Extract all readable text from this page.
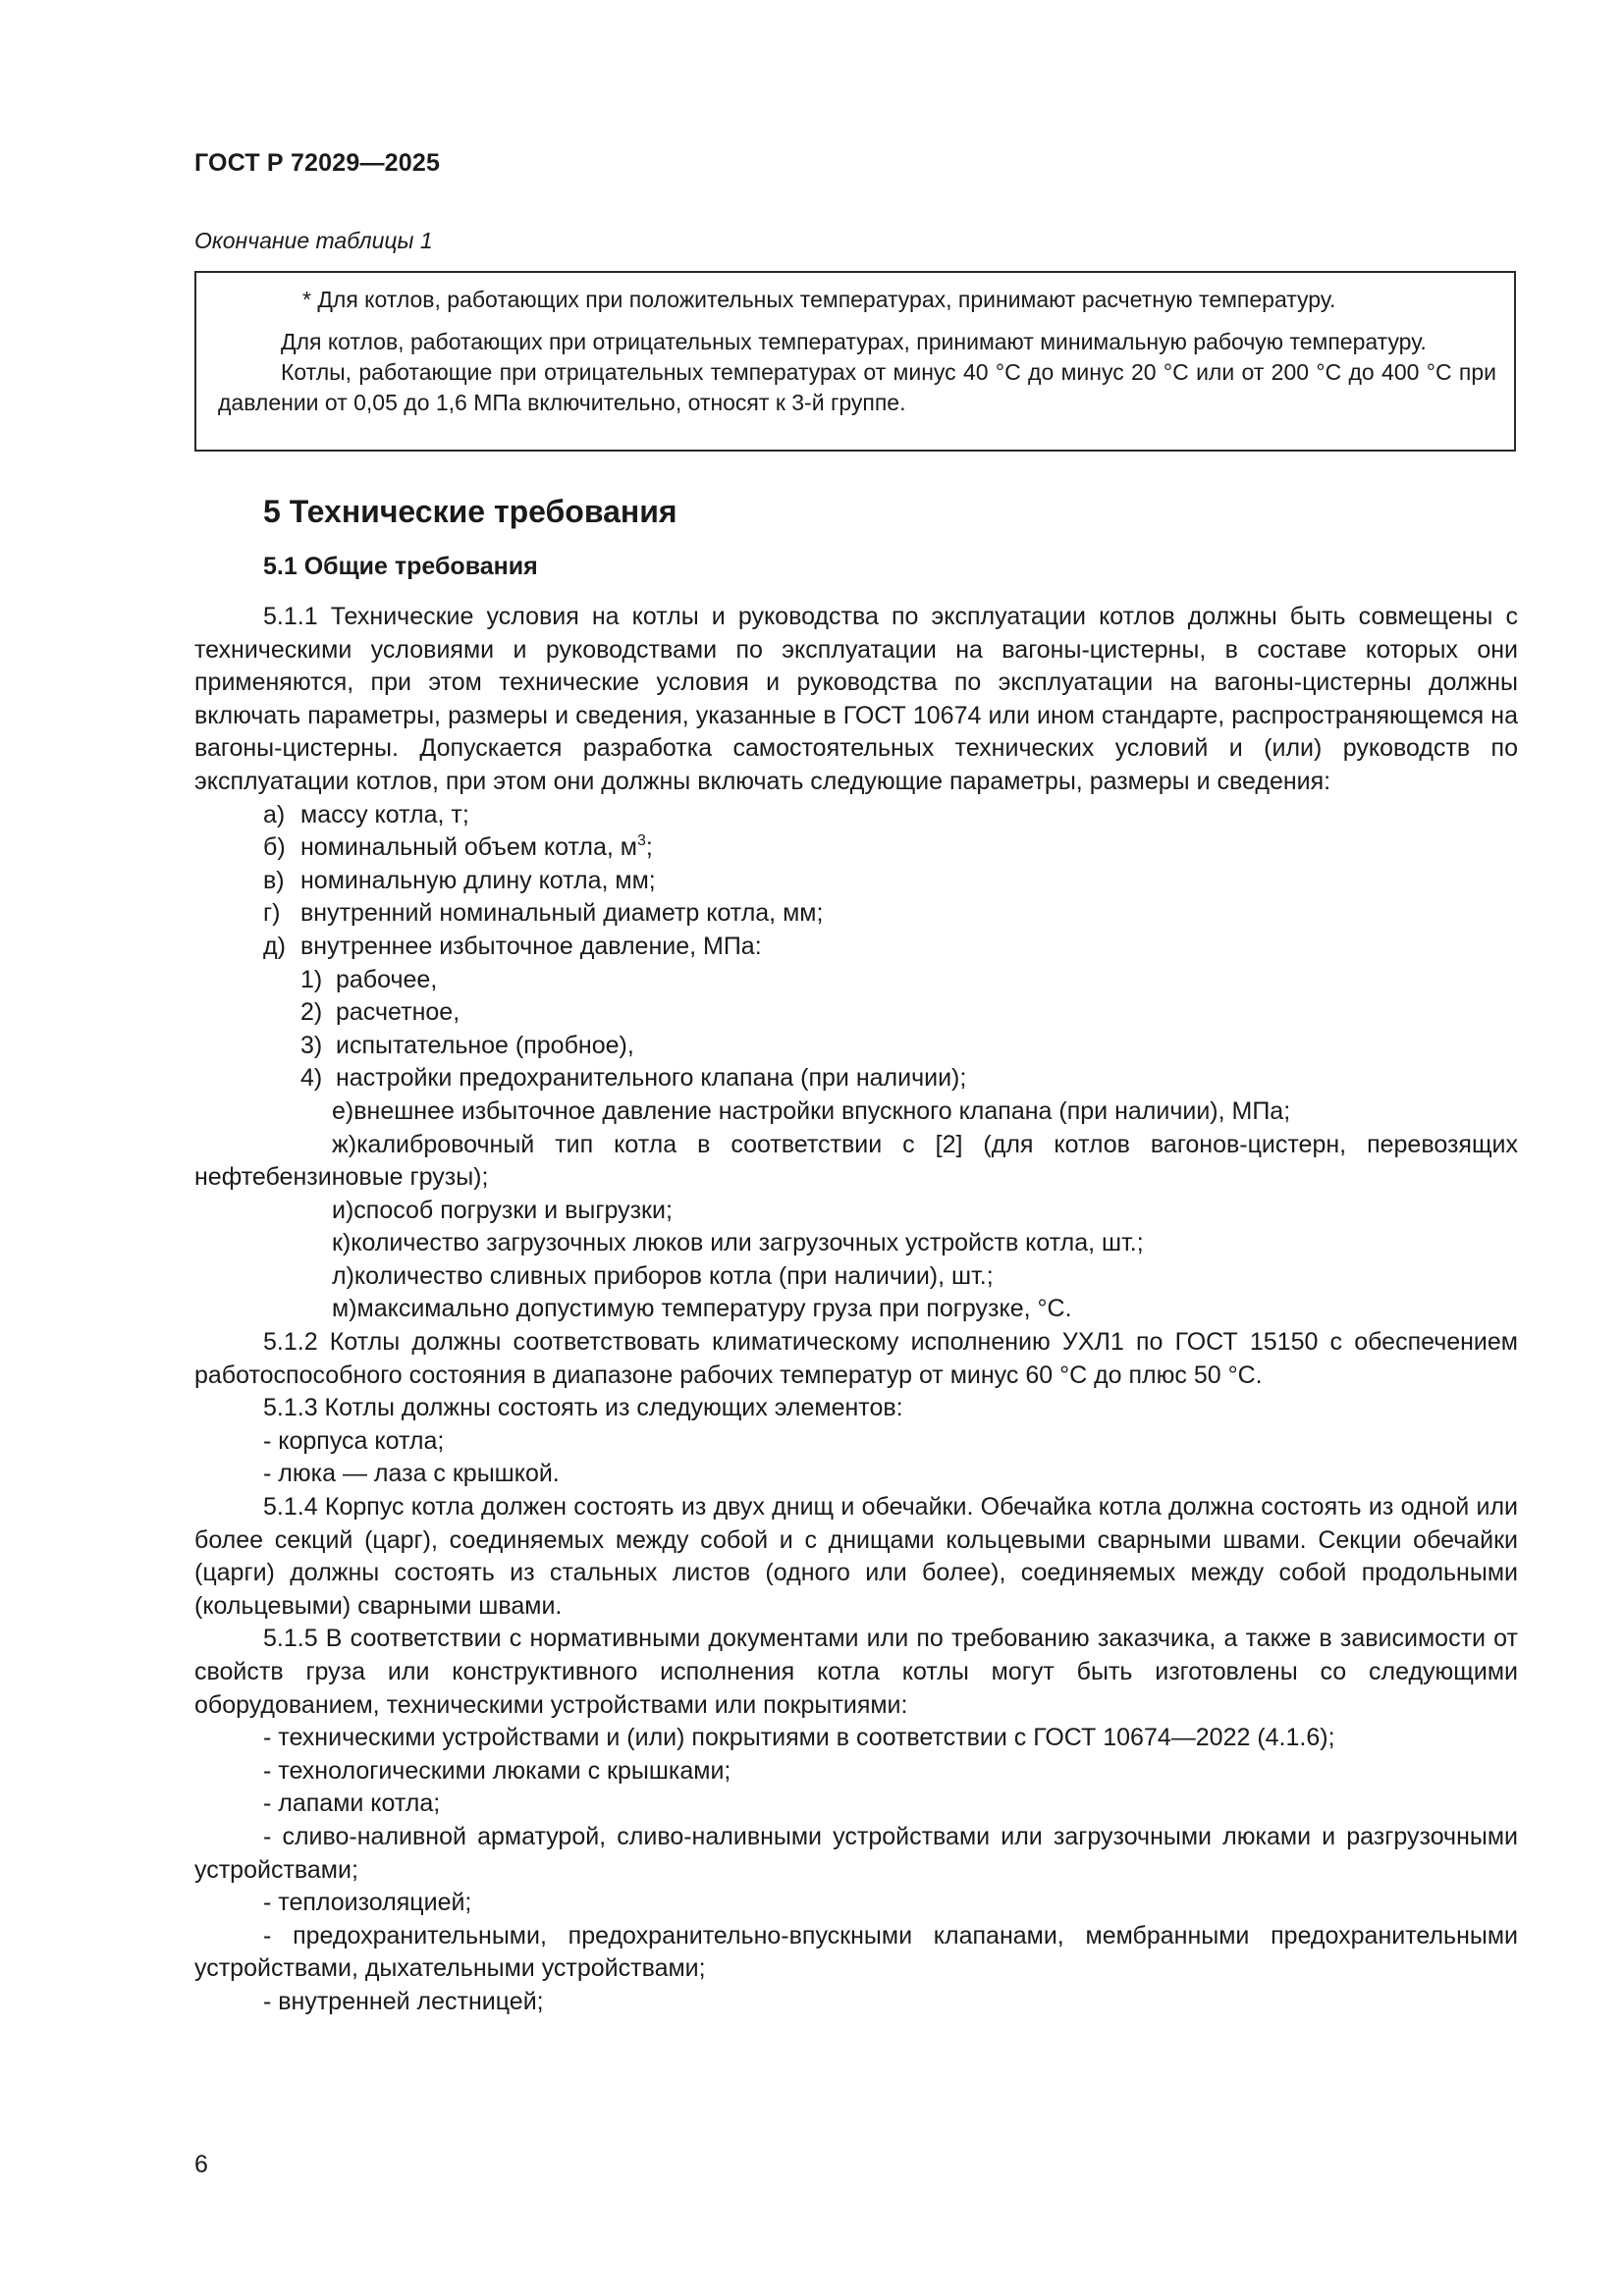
ГОСТ Р 72029—2025
Окончание таблицы 1

* Для котлов, работающих при положительных температурах, принимают расчетную температуру.

Для котлов, работающих при отрицательных температурах, принимают минимальную рабочую температуру.

Котлы, работающие при отрицательных температурах от минус 40 °С до минус 20 °С или от 200 °С до 400 °С при давлении от 0,05 до 1,6 МПа включительно, относят к 3-й группе.

5 Технические требования
5.1 Общие требования

5.1.1 Технические условия на котлы и руководства по эксплуатации котлов должны быть совмещены с техническими условиями и руководствами по эксплуатации на вагоны-цистерны, в составе которых они применяются, при этом технические условия и руководства по эксплуатации на вагоны-цистерны должны включать параметры, размеры и сведения, указанные в ГОСТ 10674 или ином стандарте, распространяющемся на вагоны-цистерны. Допускается разработка самостоятельных технических условий и (или) руководств по эксплуатации котлов, при этом они должны включать следующие параметры, размеры и сведения:

а) массу котла, т;

б) номинальный объем котла, $м^3$;

в) номинальную длину котла, мм;

г) внутренний номинальный диаметр котла, мм;

д) внутреннее избыточное давление, МПа:

1) рабочее,

2) расчетное,

3) испытательное (пробное),

4) настройки предохранительного клапана (при наличии);

е)внешнее избыточное давление настройки впускного клапана (при наличии), МПа;

ж)калибровочный тип котла в соответствии с [2] (для котлов вагонов-цистерн, перевозящих нефтебензиновые грузы);

и)способ погрузки и выгрузки;

к)количество загрузочных люков или загрузочных устройств котла, шт.;

л)количество сливных приборов котла (при наличии), шт.;

м)максимально допустимую температуру груза при погрузке, °С.

5.1.2 Котлы должны соответствовать климатическому исполнению УХЛ1 по ГОСТ 15150 с обеспечением работоспособного состояния в диапазоне рабочих температур от минус 60 °С до плюс 50 °С.

5.1.3 Котлы должны состоять из следующих элементов:

- корпуса котла;

- люка — лаза с крышкой.

5.1.4 Корпус котла должен состоять из двух днищ и обечайки. Обечайка котла должна состоять из одной или более секций (царг), соединяемых между собой и с днищами кольцевыми сварными швами. Секции обечайки (царги) должны состоять из стальных листов (одного или более), соединяемых между собой продольными (кольцевыми) сварными швами.

5.1.5 В соответствии с нормативными документами или по требованию заказчика, а также в зависимости от свойств груза или конструктивного исполнения котла котлы могут быть изготовлены со следующими оборудованием, техническими устройствами или покрытиями:

- техническими устройствами и (или) покрытиями в соответствии с ГОСТ 10674—2022 (4.1.6);

- технологическими люками с крышками;

- лапами котла;

- сливо-наливной арматурой, сливо-наливными устройствами или загрузочными люками и разгрузочными устройствами;

- теплоизоляцией;

- предохранительными, предохранительно-впускными клапанами, мембранными предохранительными устройствами, дыхательными устройствами;

- внутренней лестницей;

6
